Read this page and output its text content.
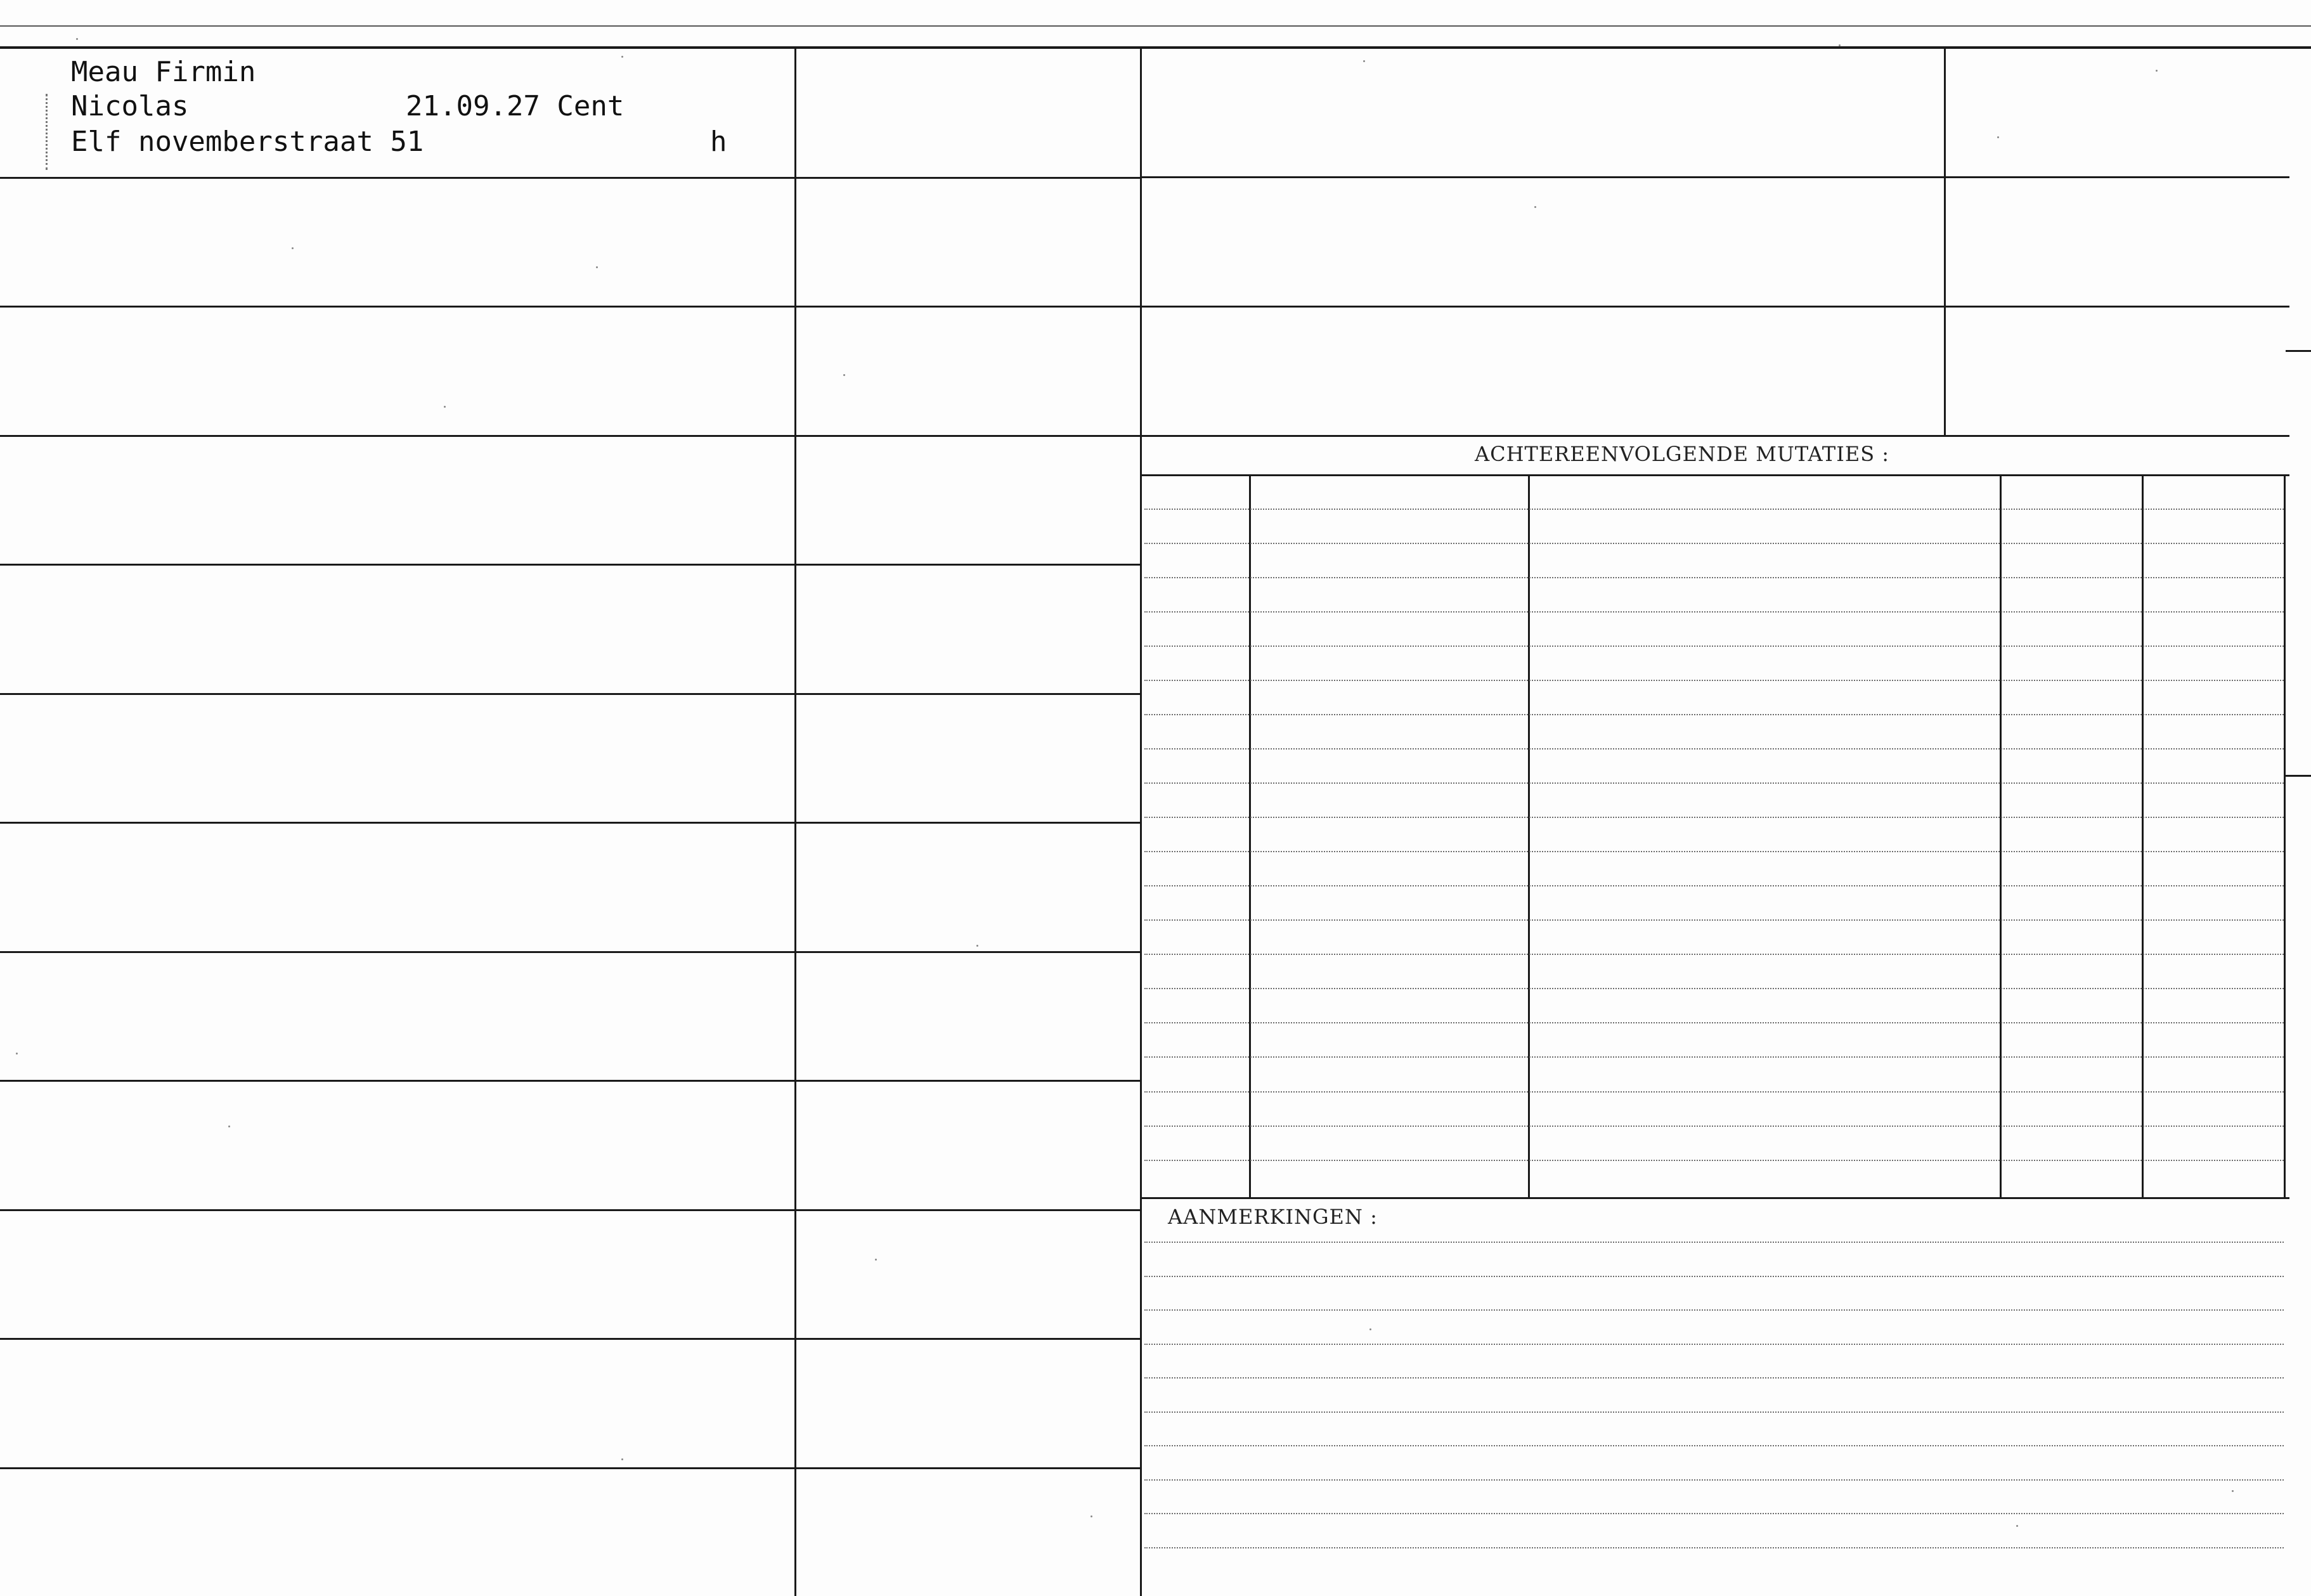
Meau Firmin
Nicolas	21.09.27 Cent
Elf novemberstraat 51	h
ACHTEREENVOLGENDE MUTATIES :
AANMERKINGEN :
